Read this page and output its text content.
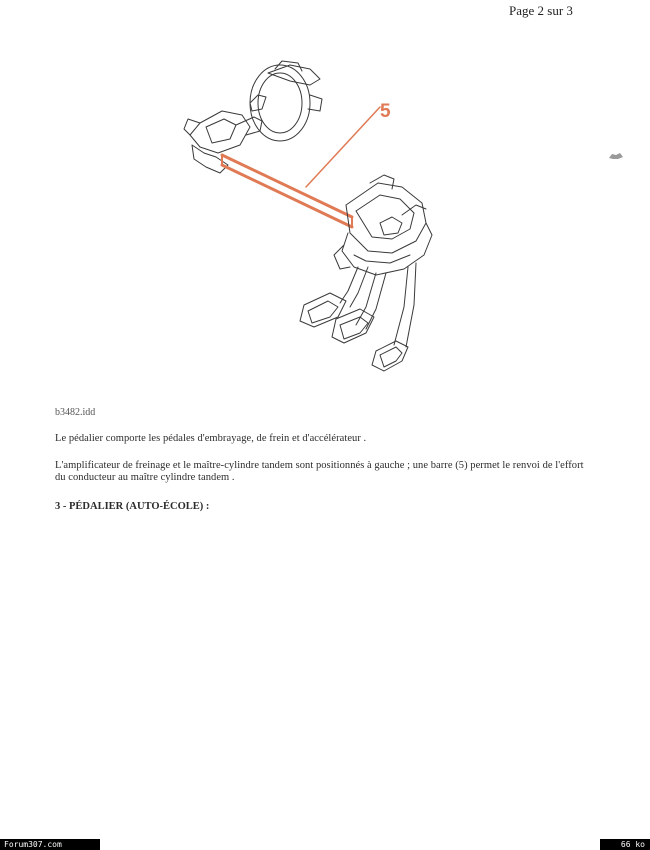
Page 2 sur 3
5
b3482.idd
Le pédalier comporte les pédales d'embrayage, de frein et d'accélérateur .
L'amplificateur de freinage et le maître-cylindre tandem sont positionnés à gauche ; une barre (5) permet le renvoi de l'effort du conducteur au maître cylindre tandem .
3 - PÉDALIER (AUTO-ÉCOLE) :
Forum307.com	66 ko
